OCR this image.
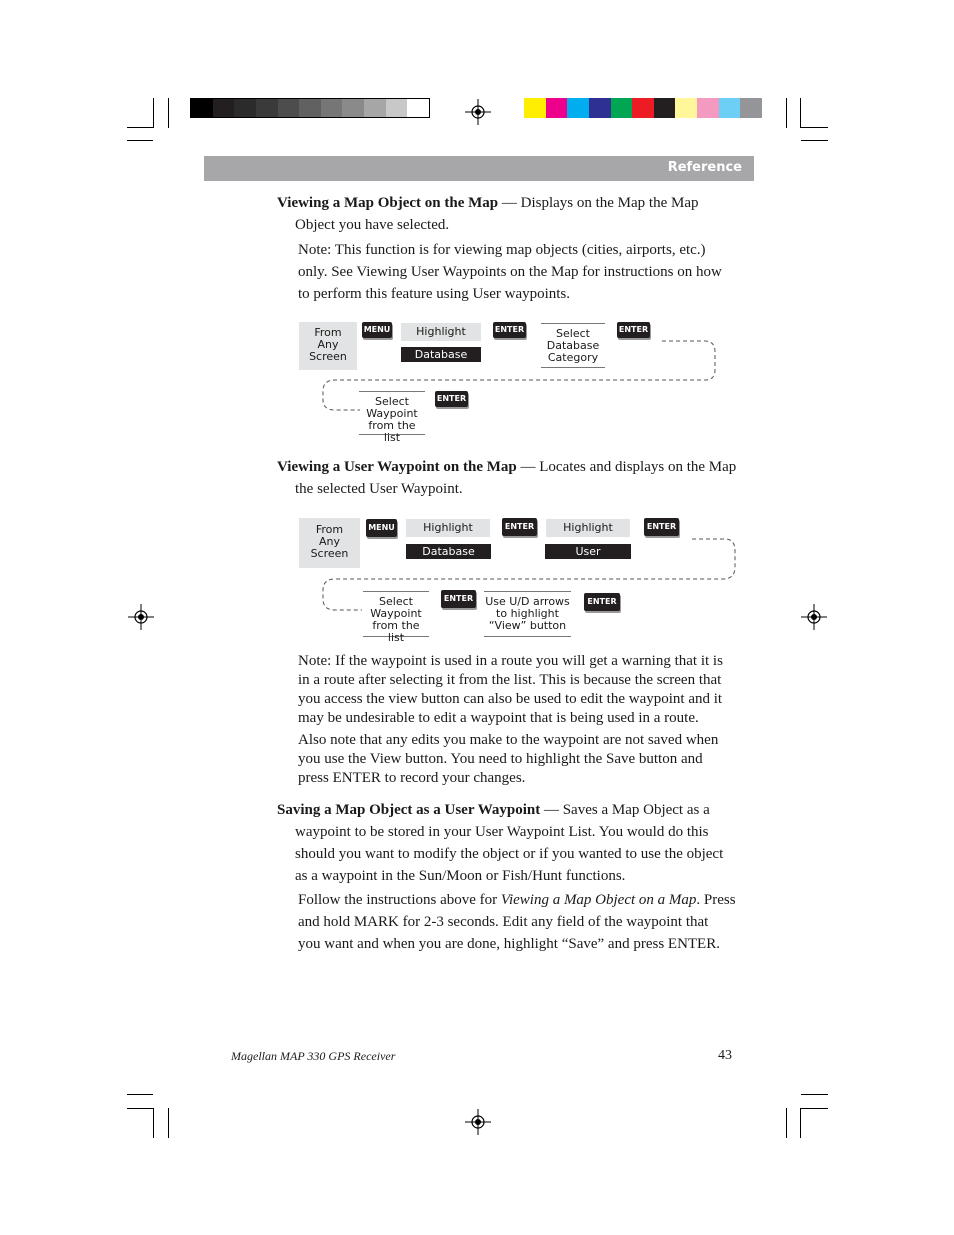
Reference
Viewing a Map Object on the Map — Displays on the Map the Map
Object you have selected.
Note: This function is for viewing map objects (cities, airports, etc.)
only. See Viewing User Waypoints on the Map for instructions on how
to perform this feature using User waypoints.
From
Any
Screen
MENU	Highlight
Database
ENTER	Select
Database
Category
ENTER
Select
Waypoint
from the list
ENTER
Viewing a User Waypoint on the Map — Locates and displays on the Map
the selected User Waypoint.
From
Any
Screen
MENU	Highlight
Database
ENTER	Highlight
User
ENTER
Select
Waypoint
from the list
ENTER Use U/D arrows
to highlight
“View” button
ENTER
Note: If the waypoint is used in a route you will get a warning that it is
in a route after selecting it from the list. This is because the screen that
you access the view button can also be used to edit the waypoint and it
may be undesirable to edit a waypoint that is being used in a route.
Also note that any edits you make to the waypoint are not saved when
you use the View button. You need to highlight the Save button and
press ENTER to record your changes.
Saving a Map Object as a User Waypoint — Saves a Map Object as a
waypoint to be stored in your User Waypoint List. You would do this
should you want to modify the object or if you wanted to use the object
as a waypoint in the Sun/Moon or Fish/Hunt functions.
Follow the instructions above for Viewing a Map Object on a Map. Press
and hold MARK for 2-3 seconds. Edit any field of the waypoint that
you want and when you are done, highlight “Save” and press ENTER.
Magellan MAP 330 GPS Receiver	43
